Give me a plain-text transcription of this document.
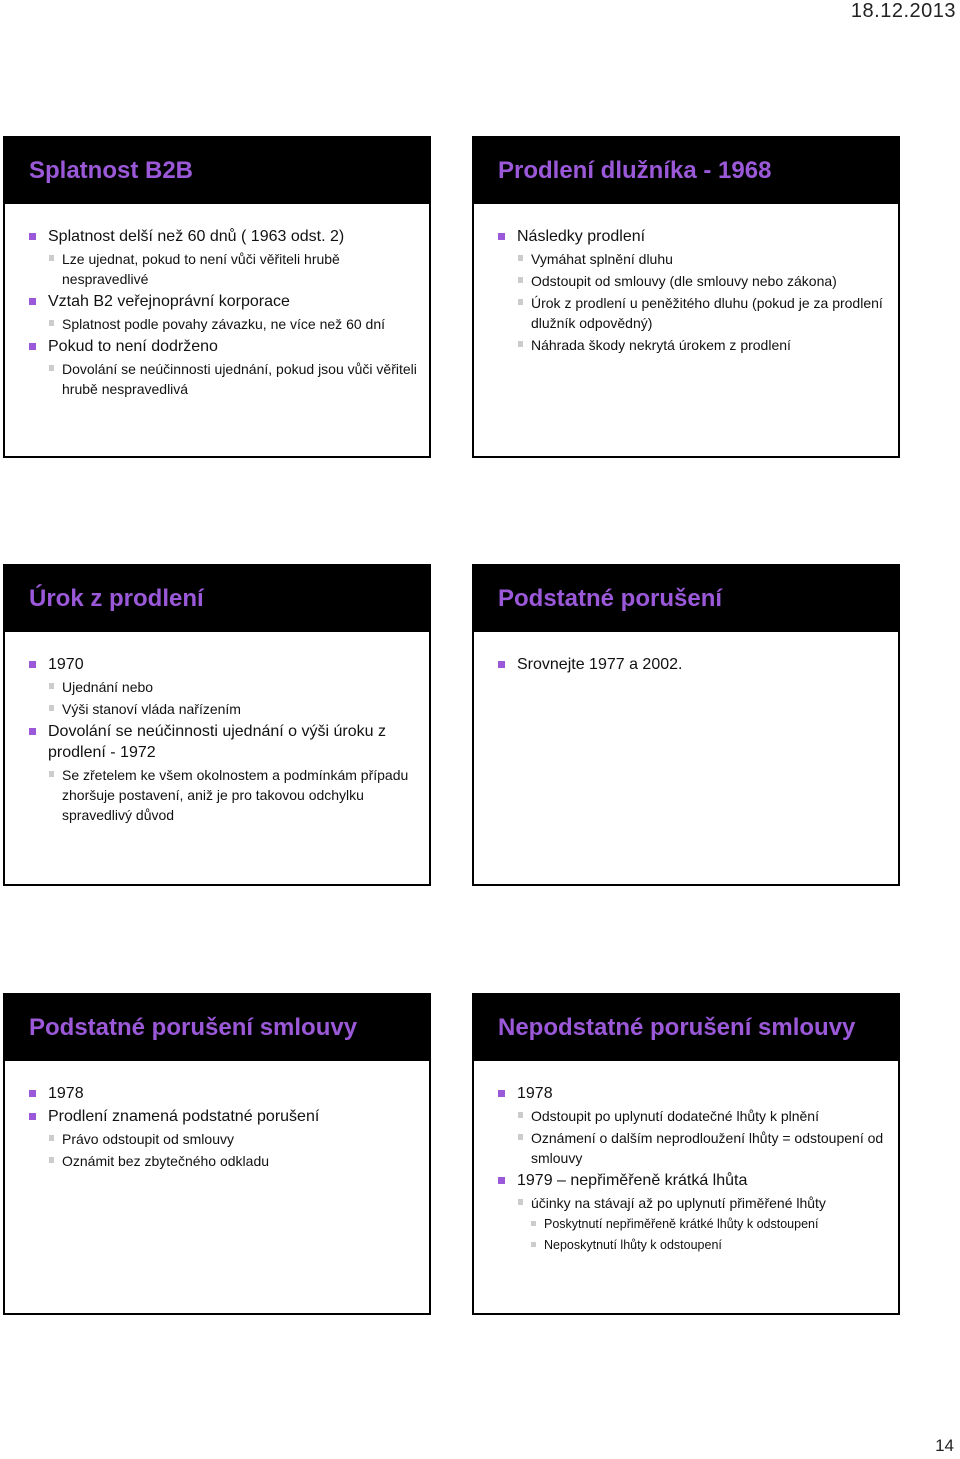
18.12.2013
Splatnost B2B
Splatnost delší než 60 dnů ( 1963 odst. 2)
Lze ujednat, pokud to není vůči věřiteli hrubě nespravedlivé
Vztah B2 veřejnoprávní korporace
Splatnost podle povahy závazku, ne více než 60 dní
Pokud to není dodrženo
Dovolání se neúčinnosti ujednání, pokud jsou vůči věřiteli hrubě nespravedlivá
Prodlení dlužníka - 1968
Následky prodlení
Vymáhat splnění dluhu
Odstoupit od smlouvy (dle smlouvy nebo zákona)
Úrok z prodlení u peněžitého dluhu (pokud je za prodlení dlužník odpovědný)
Náhrada škody nekrytá úrokem z prodlení
Úrok z prodlení
1970
Ujednání nebo
Výši stanoví vláda nařízením
Dovolání se neúčinnosti ujednání o výši úroku z prodlení - 1972
Se zřetelem ke všem okolnostem a podmínkám případu zhoršuje postavení, aniž je pro takovou odchylku spravedlivý důvod
Podstatné porušení
Srovnejte 1977 a 2002.
Podstatné porušení smlouvy
1978
Prodlení znamená podstatné porušení
Právo odstoupit od smlouvy
Oznámit bez zbytečného odkladu
Nepodstatné porušení smlouvy
1978
Odstoupit po uplynutí dodatečné lhůty k plnění
Oznámení o dalším neprodloužení lhůty = odstoupení od smlouvy
1979 – nepřiměřeně krátká lhůta
účinky na stávají až po uplynutí přiměřené lhůty
Poskytnutí nepřiměřeně krátké lhůty k odstoupení
Neposkytnutí lhůty k odstoupení
14
